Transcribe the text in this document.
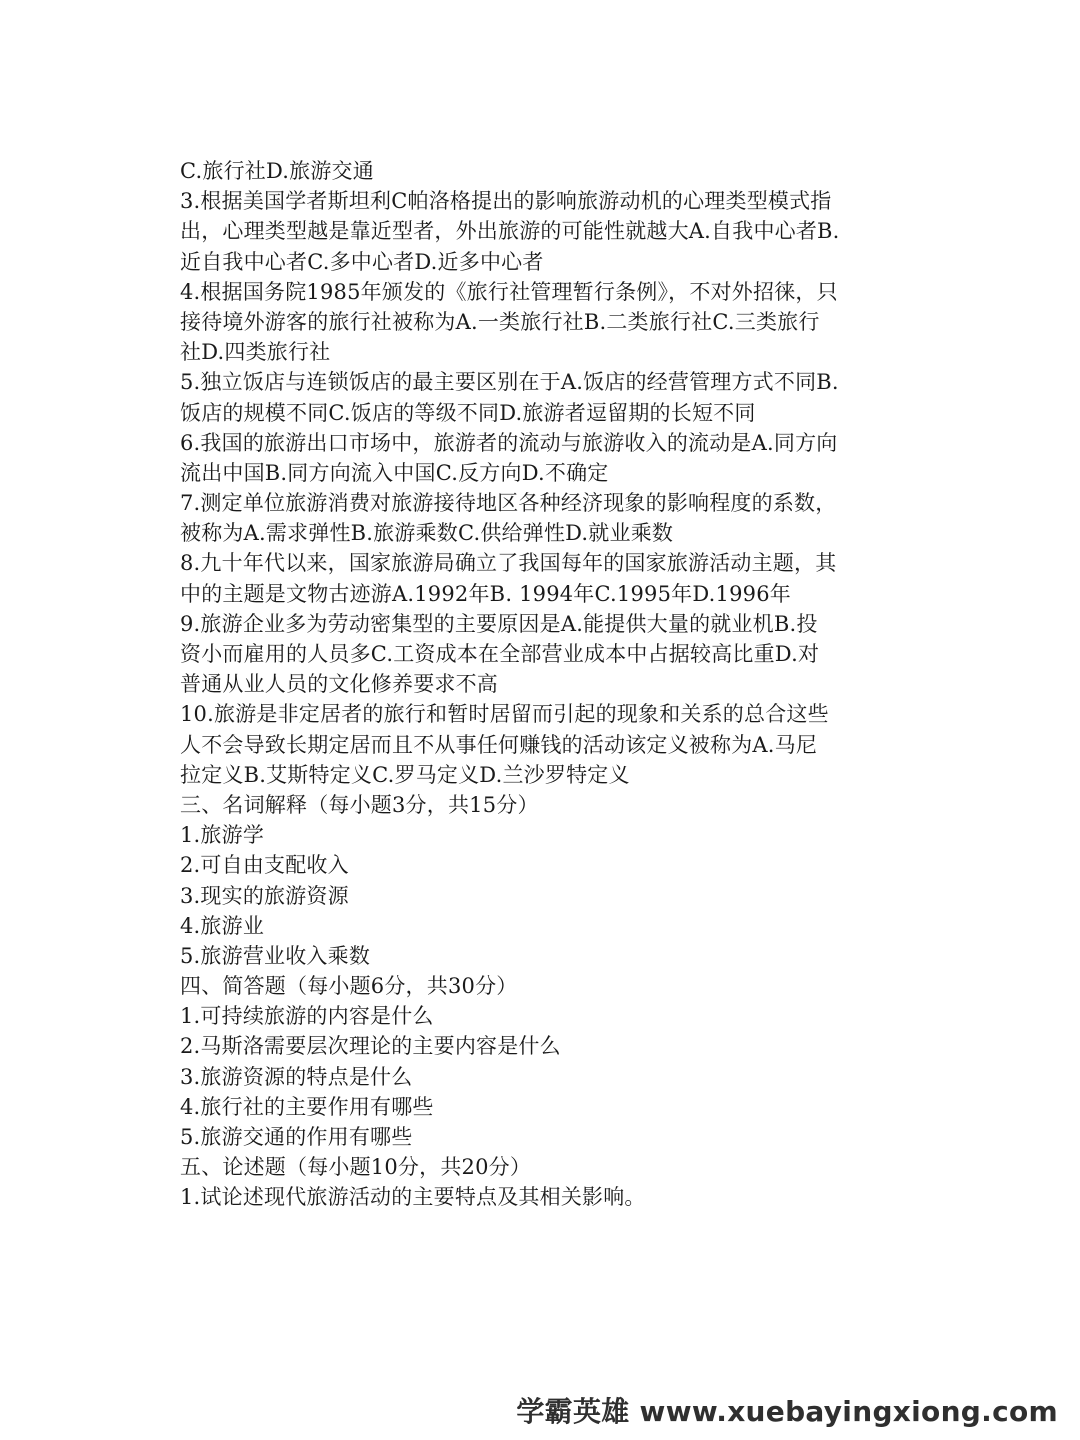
C.旅行社D.旅游交通
3.根据美国学者斯坦利C帕洛格提出的影响旅游动机的心理类型模式指
出，心理类型越是靠近型者，外出旅游的可能性就越大A.自我中心者B.
近自我中心者C.多中心者D.近多中心者
4.根据国务院1985年颁发的《旅行社管理暂行条例》，不对外招徕，只
接待境外游客的旅行社被称为A.一类旅行社B.二类旅行社C.三类旅行
社D.四类旅行社
5.独立饭店与连锁饭店的最主要区别在于A.饭店的经营管理方式不同B.
饭店的规模不同C.饭店的等级不同D.旅游者逗留期的长短不同
6.我国的旅游出口市场中，旅游者的流动与旅游收入的流动是A.同方向
流出中国B.同方向流入中国C.反方向D.不确定
7.测定单位旅游消费对旅游接待地区各种经济现象的影响程度的系数，
被称为A.需求弹性B.旅游乘数C.供给弹性D.就业乘数
8.九十年代以来，国家旅游局确立了我国每年的国家旅游活动主题，其
中的主题是文物古迹游A.1992年B. 1994年C.1995年D.1996年
9.旅游企业多为劳动密集型的主要原因是A.能提供大量的就业机B.投
资小而雇用的人员多C.工资成本在全部营业成本中占据较高比重D.对
普通从业人员的文化修养要求不高
10.旅游是非定居者的旅行和暂时居留而引起的现象和关系的总合这些
人不会导致长期定居而且不从事任何赚钱的活动该定义被称为A.马尼
拉定义B.艾斯特定义C.罗马定义D.兰沙罗特定义
三、名词解释（每小题3分，共15分）
1.旅游学
2.可自由支配收入
3.现实的旅游资源
4.旅游业
5.旅游营业收入乘数
四、简答题（每小题6分，共30分）
1.可持续旅游的内容是什么
2.马斯洛需要层次理论的主要内容是什么
3.旅游资源的特点是什么
4.旅行社的主要作用有哪些
5.旅游交通的作用有哪些
五、论述题（每小题10分，共20分）
1.试论述现代旅游活动的主要特点及其相关影响。
学霸英雄 www.xuebayingxiong.com
